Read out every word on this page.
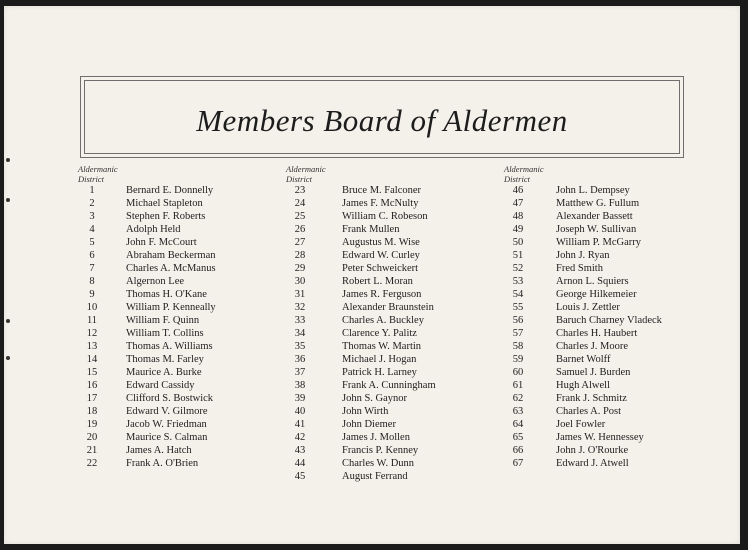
Members Board of Aldermen
Aldermanic
District
1	Bernard E. Donnelly
2	Michael Stapleton
3	Stephen F. Roberts
4	Adolph Held
5	John F. McCourt
6	Abraham Beckerman
7	Charles A. McManus
8	Algernon Lee
9	Thomas H. O'Kane
10	William P. Kenneally
11	William F. Quinn
12	William T. Collins
13	Thomas A. Williams
14	Thomas M. Farley
15	Maurice A. Burke
16	Edward Cassidy
17	Clifford S. Bostwick
18	Edward V. Gilmore
19	Jacob W. Friedman
20	Maurice S. Calman
21	James A. Hatch
22	Frank A. O'Brien
Aldermanic
District
23	Bruce M. Falconer
24	James F. McNulty
25	William C. Robeson
26	Frank Mullen
27	Augustus M. Wise
28	Edward W. Curley
29	Peter Schweickert
30	Robert L. Moran
31	James R. Ferguson
32	Alexander Braunstein
33	Charles A. Buckley
34	Clarence Y. Palitz
35	Thomas W. Martin
36	Michael J. Hogan
37	Patrick H. Larney
38	Frank A. Cunningham
39	John S. Gaynor
40	John Wirth
41	John Diemer
42	James J. Mollen
43	Francis P. Kenney
44	Charles W. Dunn
45	August Ferrand
Aldermanic
District
46	John L. Dempsey
47	Matthew G. Fullum
48	Alexander Bassett
49	Joseph W. Sullivan
50	William P. McGarry
51	John J. Ryan
52	Fred Smith
53	Arnon L. Squiers
54	George Hilkemeier
55	Louis J. Zettler
56	Baruch Charney Vladeck
57	Charles H. Haubert
58	Charles J. Moore
59	Barnet Wolff
60	Samuel J. Burden
61	Hugh Alwell
62	Frank J. Schmitz
63	Charles A. Post
64	Joel Fowler
65	James W. Hennessey
66	John J. O'Rourke
67	Edward J. Atwell
